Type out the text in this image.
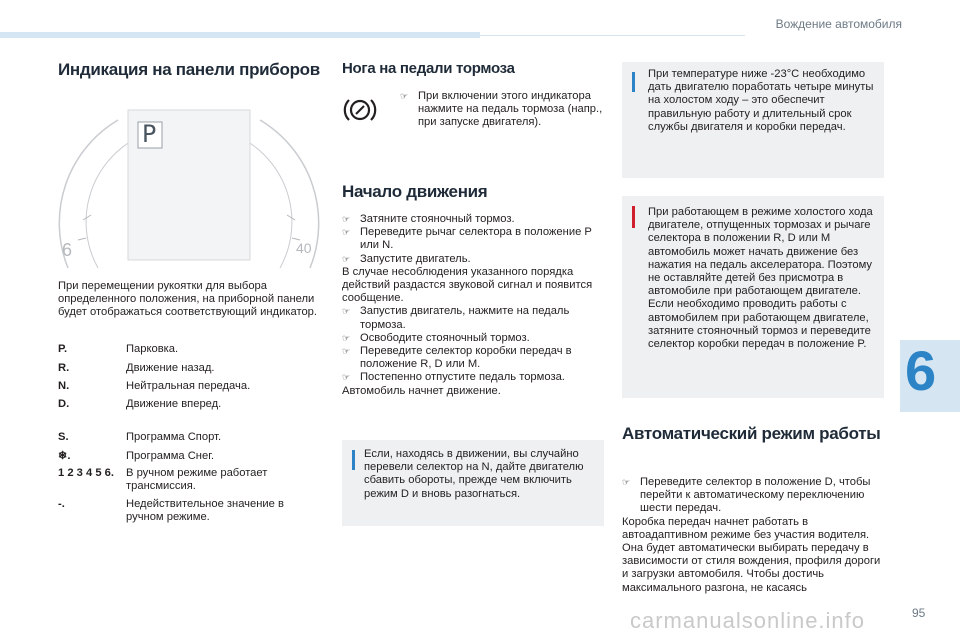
Вождение автомобиля
Индикация на панели приборов
P
6	40
При перемещении рукоятки для выбора определенного положения, на приборной панели будет отображаться соответствующий индикатор.
P.	Парковка.
R.	Движение назад.
N.	Нейтральная передача.
D.	Движение вперед.
S.	Программа Спорт.
❄.	Программа Снег.
1 2 3 4 5 6.	В ручном режиме работает трансмиссия.
-.	Недействительное значение в ручном режиме.
Нога на педали тормоза
☞ При включении этого индикатора нажмите на педаль тормоза (напр., при запуске двигателя).
Начало движения
☞ Затяните стояночный тормоз.
☞ Переведите рычаг селектора в положение P или N.
☞ Запустите двигатель.
В случае несоблюдения указанного порядка действий раздастся звуковой сигнал и появится сообщение.
☞ Запустив двигатель, нажмите на педаль тормоза.
☞ Освободите стояночный тормоз.
☞ Переведите селектор коробки передач в положение R, D или M.
☞ Постепенно отпустите педаль тормоза.
Автомобиль начнет движение.
Если, находясь в движении, вы случайно перевели селектор на N, дайте двигателю сбавить обороты, прежде чем включить режим D и вновь разогнаться.
При температуре ниже -23°C необходимо дать двигателю поработать четыре минуты на холостом ходу – это обеспечит правильную работу и длительный срок службы двигателя и коробки передач.
При работающем в режиме холостого хода двигателе, отпущенных тормозах и рычаге селектора в положении R, D или M автомобиль может начать движение без нажатия на педаль акселератора. Поэтому не оставляйте детей без присмотра в автомобиле при работающем двигателе. Если необходимо проводить работы с автомобилем при работающем двигателе, затяните стояночный тормоз и переведите селектор коробки передач в положение P.
Автоматический режим работы
☞ Переведите селектор в положение D, чтобы перейти к автоматическому переключению шести передач.
Коробка передач начнет работать в автоадаптивном режиме без участия водителя. Она будет автоматически выбирать передачу в зависимости от стиля вождения, профиля дороги и загрузки автомобиля. Чтобы достичь максимального разгона, не касаясь
6
95
carmanualsonline.info
